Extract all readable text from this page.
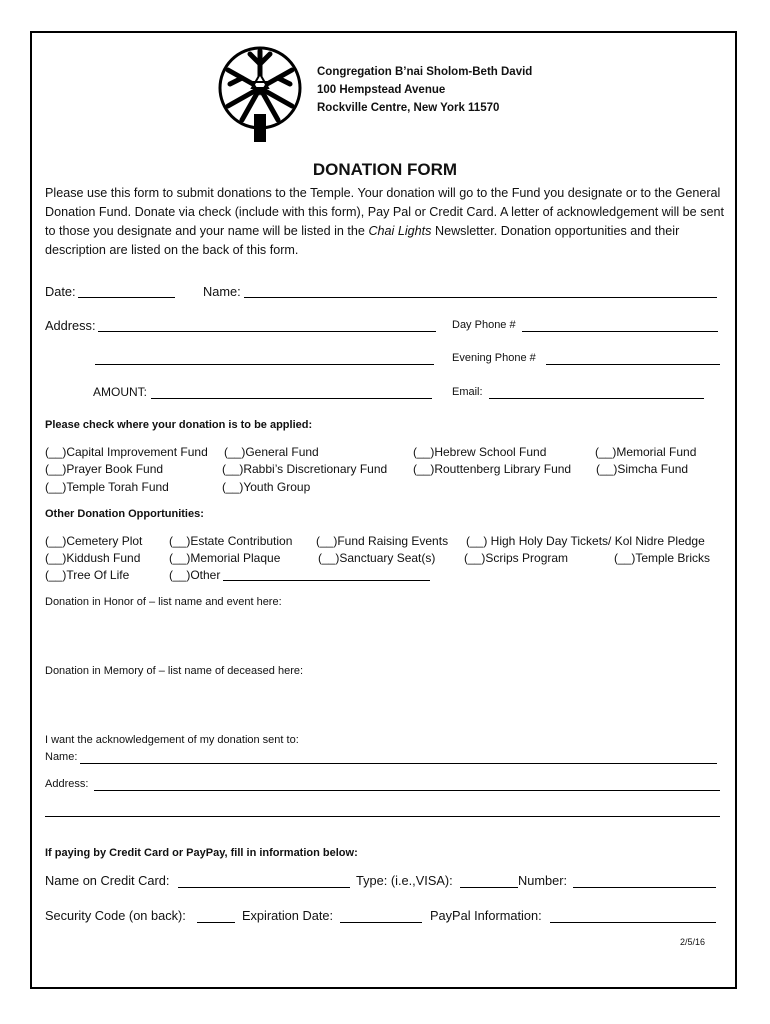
Congregation B’nai Sholom-Beth David
100 Hempstead Avenue
Rockville Centre, New York 11570
DONATION FORM
Please use this form to submit donations to the Temple. Your donation will go to the Fund you designate or to the General Donation Fund. Donate via check (include with this form), Pay Pal or Credit Card. A letter of acknowledgement will be sent to those you designate and your name will be listed in the Chai Lights Newsletter. Donation opportunities and their description are listed on the back of this form.
Date:	Name:
Address:	Day Phone #
Evening Phone #
AMOUNT:	Email:
Please check where your donation is to be applied:
(__)Capital Improvement Fund (__)General Fund	(__)Hebrew School Fund	(__)Memorial Fund
(__)Prayer Book Fund	(__)Rabbi’s Discretionary Fund (__)Routtenberg Library Fund (__)Simcha Fund
(__)Temple Torah Fund	(__)Youth Group
Other Donation Opportunities:
(__)Cemetery Plot (__)Estate Contribution (__)Fund Raising Events (__) High Holy Day Tickets/ Kol Nidre Pledge
(__)Kiddush Fund (__)Memorial Plaque	(__)Sanctuary Seat(s) (__)Scrips Program	(__)Temple Bricks
(__)Tree Of Life	(__)Other
Donation in Honor of – list name and event here:
Donation in Memory of – list name of deceased here:
I want the acknowledgement of my donation sent to:
Name:
Address:
If paying by Credit Card or PayPay, fill in information below:
Name on Credit Card:	Type: (i.e.,VISA):	Number:
Security Code (on back):	Expiration Date:	PayPal Information:
2/5/16
